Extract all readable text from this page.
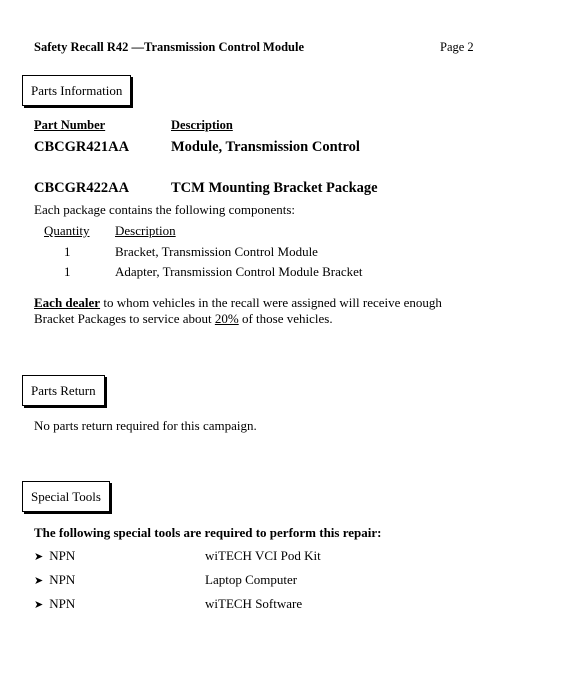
Safety Recall R42 —Transmission Control Module	Page 2
Parts Information
Part Number	Description
CBCGR421AA	Module, Transmission Control
CBCGR422AA	TCM Mounting Bracket Package
Each package contains the following components:
Quantity Description
1	Bracket, Transmission Control Module
1	Adapter, Transmission Control Module Bracket
Each dealer to whom vehicles in the recall were assigned will receive enough
Bracket Packages to service about 20% of those vehicles.
Parts Return
No parts return required for this campaign.
Special Tools
The following special tools are required to perform this repair:
➤ NPN	wiTECH VCI Pod Kit
➤ NPN	Laptop Computer
➤ NPN	wiTECH Software
